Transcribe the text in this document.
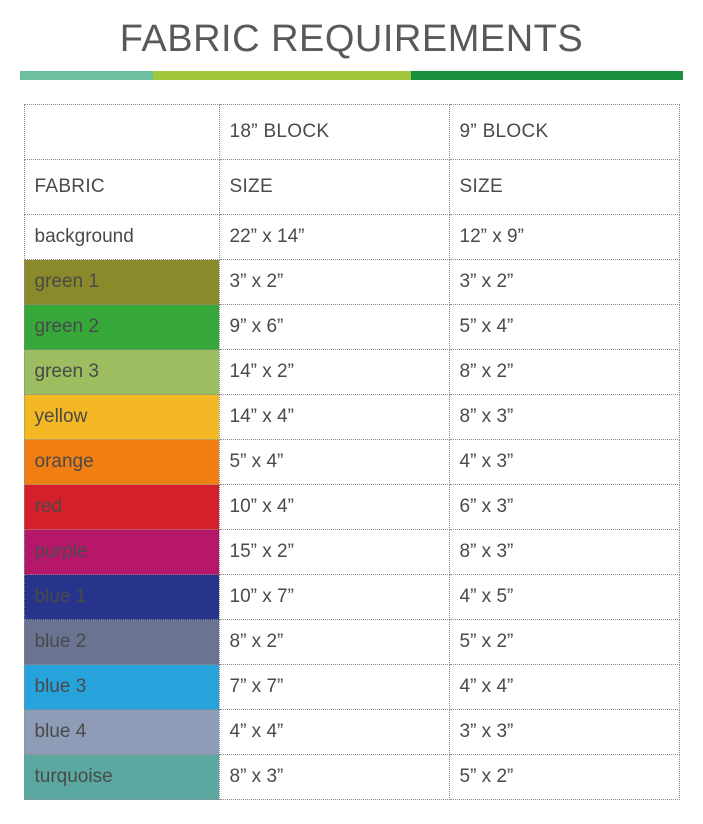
FABRIC REQUIREMENTS
	18” BLOCK	9” BLOCK
FABRIC	SIZE	SIZE
background	22” x 14”	12” x 9”
green 1	3” x 2”	3” x 2”
green 2	9” x 6”	5” x 4”
green 3	14” x 2”	8” x 2”
yellow	14” x 4”	8” x 3”
orange	5” x 4”	4” x 3”
red	10” x 4”	6” x 3”
purple	15” x 2”	8” x 3”
blue 1	10” x 7”	4” x 5”
blue 2	8” x 2”	5” x 2”
blue 3	7” x 7”	4” x 4”
blue 4	4” x 4”	3” x 3”
turquoise	8” x 3”	5” x 2”
